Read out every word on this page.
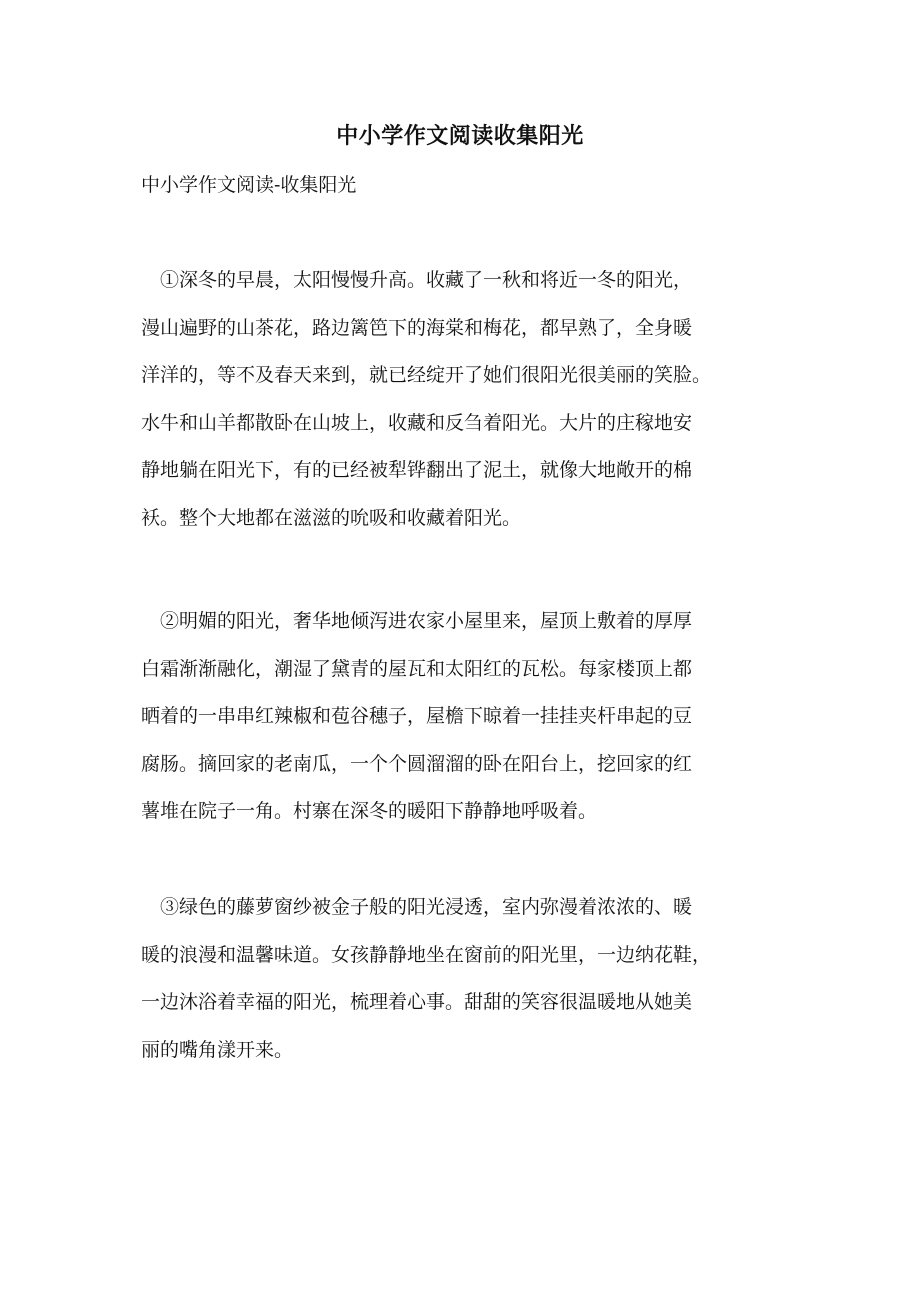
中小学作文阅读收集阳光
中小学作文阅读-收集阳光

　①深冬的早晨，太阳慢慢升高。收藏了一秋和将近一冬的阳光，
漫山遍野的山茶花，路边篱笆下的海棠和梅花，都早熟了，全身暖
洋洋的，等不及春天来到，就已经绽开了她们很阳光很美丽的笑脸。
水牛和山羊都散卧在山坡上，收藏和反刍着阳光。大片的庄稼地安
静地躺在阳光下，有的已经被犁铧翻出了泥土，就像大地敞开的棉
袄。整个大地都在滋滋的吮吸和收藏着阳光。

　②明媚的阳光，奢华地倾泻进农家小屋里来，屋顶上敷着的厚厚
白霜渐渐融化，潮湿了黛青的屋瓦和太阳红的瓦松。每家楼顶上都
晒着的一串串红辣椒和苞谷穗子，屋檐下晾着一挂挂夹杆串起的豆
腐肠。摘回家的老南瓜，一个个圆溜溜的卧在阳台上，挖回家的红
薯堆在院子一角。村寨在深冬的暖阳下静静地呼吸着。

　③绿色的藤萝窗纱被金子般的阳光浸透，室内弥漫着浓浓的、暖
暖的浪漫和温馨味道。女孩静静地坐在窗前的阳光里，一边纳花鞋，
一边沐浴着幸福的阳光，梳理着心事。甜甜的笑容很温暖地从她美
丽的嘴角漾开来。
